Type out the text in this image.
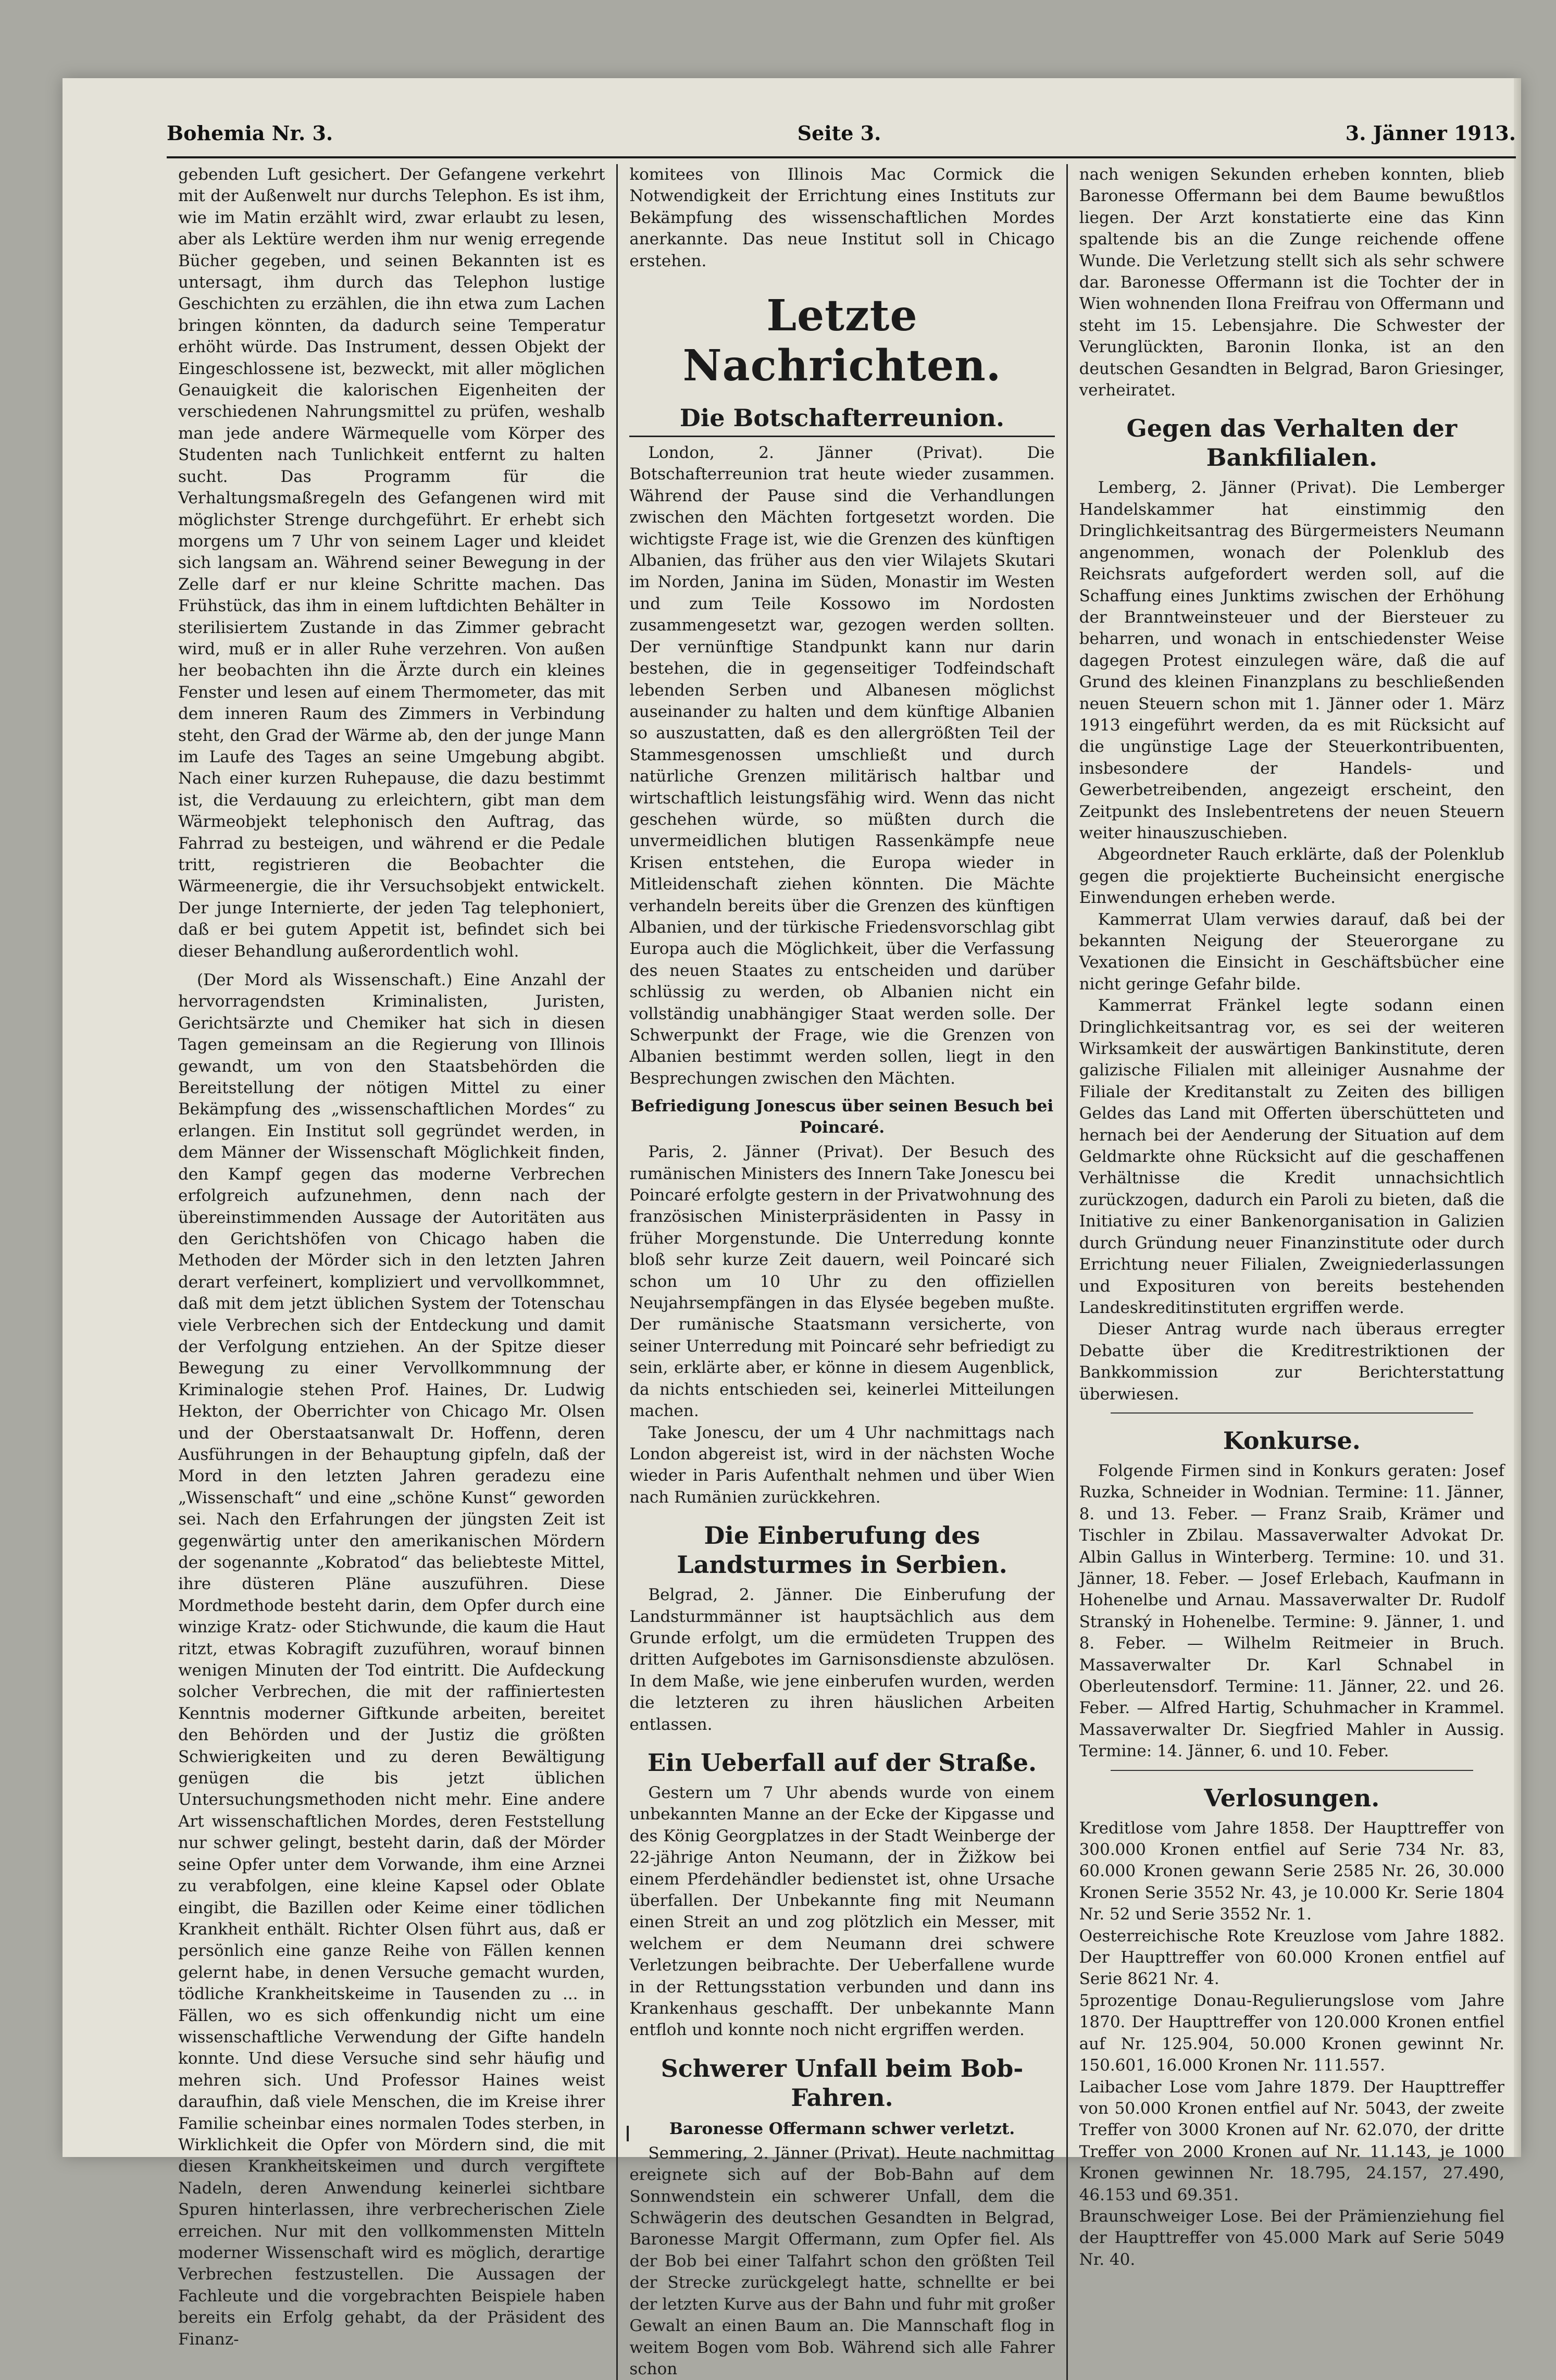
Bohemia Nr. 3.	Seite 3.	3. Jänner 1913.

gebenden Luft gesichert. Der Gefangene verkehrt mit der Außenwelt nur durchs Telephon. Es ist ihm, wie im Matin erzählt wird, zwar erlaubt zu lesen, aber als Lektüre werden ihm nur wenig erregende Bücher gegeben, und seinen Bekannten ist es untersagt, ihm durch das Telephon lustige Geschichten zu erzählen, die ihn etwa zum Lachen bringen könnten, da dadurch seine Temperatur erhöht würde. Das Instrument, dessen Objekt der Eingeschlossene ist, bezweckt, mit aller möglichen Genauigkeit die kalorischen Eigenheiten der verschiedenen Nahrungsmittel zu prüfen, weshalb man jede andere Wärmequelle vom Körper des Studenten nach Tunlichkeit entfernt zu halten sucht. Das Programm für die Verhaltungsmaßregeln des Gefangenen wird mit möglichster Strenge durchgeführt. Er erhebt sich morgens um 7 Uhr von seinem Lager und kleidet sich langsam an. Während seiner Bewegung in der Zelle darf er nur kleine Schritte machen. Das Frühstück, das ihm in einem luftdichten Behälter in sterilisiertem Zustande in das Zimmer gebracht wird, muß er in aller Ruhe verzehren. Von außen her beobachten ihn die Ärzte durch ein kleines Fenster und lesen auf einem Thermometer, das mit dem inneren Raum des Zimmers in Verbindung steht, den Grad der Wärme ab, den der junge Mann im Laufe des Tages an seine Umgebung abgibt. Nach einer kurzen Ruhepause, die dazu bestimmt ist, die Verdauung zu erleichtern, gibt man dem Wärmeobjekt telephonisch den Auftrag, das Fahrrad zu besteigen, und während er die Pedale tritt, registrieren die Beobachter die Wärmeenergie, die ihr Versuchsobjekt entwickelt. Der junge Internierte, der jeden Tag telephoniert, daß er bei gutem Appetit ist, befindet sich bei dieser Behandlung außerordentlich wohl.

(Der Mord als Wissenschaft.) Eine Anzahl der hervorragendsten Kriminalisten, Juristen, Gerichtsärzte und Chemiker hat sich in diesen Tagen gemeinsam an die Regierung von Illinois gewandt, um von den Staatsbehörden die Bereitstellung der nötigen Mittel zu einer Bekämpfung des „wissenschaftlichen Mordes“ zu erlangen. Ein Institut soll gegründet werden, in dem Männer der Wissenschaft Möglichkeit finden, den Kampf gegen das moderne Verbrechen erfolgreich aufzunehmen, denn nach der übereinstimmenden Aussage der Autoritäten aus den Gerichtshöfen von Chicago haben die Methoden der Mörder sich in den letzten Jahren derart verfeinert, kompliziert und vervollkommnet, daß mit dem jetzt üblichen System der Totenschau viele Verbrechen sich der Entdeckung und damit der Verfolgung entziehen. An der Spitze dieser Bewegung zu einer Vervollkommnung der Kriminalogie stehen Prof. Haines, Dr. Ludwig Hekton, der Oberrichter von Chicago Mr. Olsen und der Oberstaatsanwalt Dr. Hoffenn, deren Ausführungen in der Behauptung gipfeln, daß der Mord in den letzten Jahren geradezu eine „Wissenschaft“ und eine „schöne Kunst“ geworden sei. Nach den Erfahrungen der jüngsten Zeit ist gegenwärtig unter den amerikanischen Mördern der sogenannte „Kobratod“ das beliebteste Mittel, ihre düsteren Pläne auszuführen. Diese Mordmethode besteht darin, dem Opfer durch eine winzige Kratz- oder Stichwunde, die kaum die Haut ritzt, etwas Kobragift zuzuführen, worauf binnen wenigen Minuten der Tod eintritt. Die Aufdeckung solcher Verbrechen, die mit der raffiniertesten Kenntnis moderner Giftkunde arbeiten, bereitet den Behörden und der Justiz die größten Schwierigkeiten und zu deren Bewältigung genügen die bis jetzt üblichen Untersuchungsmethoden nicht mehr. Eine andere Art wissenschaftlichen Mordes, deren Feststellung nur schwer gelingt, besteht darin, daß der Mörder seine Opfer unter dem Vorwande, ihm eine Arznei zu verabfolgen, eine kleine Kapsel oder Oblate eingibt, die Bazillen oder Keime einer tödlichen Krankheit enthält. Richter Olsen führt aus, daß er persönlich eine ganze Reihe von Fällen kennen gelernt habe, in denen Versuche gemacht wurden, tödliche Krankheitskeime in Tausenden zu ... in Fällen, wo es sich offenkundig nicht um eine wissenschaftliche Verwendung der Gifte handeln konnte. Und diese Versuche sind sehr häufig und mehren sich. Und Professor Haines weist daraufhin, daß viele Menschen, die im Kreise ihrer Familie scheinbar eines normalen Todes sterben, in Wirklichkeit die Opfer von Mördern sind, die mit diesen Krankheitskeimen und durch vergiftete Nadeln, deren Anwendung keinerlei sichtbare Spuren hinterlassen, ihre verbrecherischen Ziele erreichen. Nur mit den vollkommensten Mitteln moderner Wissenschaft wird es möglich, derartige Verbrechen festzustellen. Die Aussagen der Fachleute und die vorgebrachten Beispiele haben bereits ein Erfolg gehabt, da der Präsident des Finanz-

komitees von Illinois Mac Cormick die Notwendigkeit der Errichtung eines Instituts zur Bekämpfung des wissenschaftlichen Mordes anerkannte. Das neue Institut soll in Chicago erstehen.

Letzte Nachrichten.
Die Botschafterreunion.

London, 2. Jänner (Privat). Die Botschafterreunion trat heute wieder zusammen. Während der Pause sind die Verhandlungen zwischen den Mächten fortgesetzt worden. Die wichtigste Frage ist, wie die Grenzen des künftigen Albanien, das früher aus den vier Wilajets Skutari im Norden, Janina im Süden, Monastir im Westen und zum Teile Kossowo im Nordosten zusammengesetzt war, gezogen werden sollten. Der vernünftige Standpunkt kann nur darin bestehen, die in gegenseitiger Todfeindschaft lebenden Serben und Albanesen möglichst auseinander zu halten und dem künftige Albanien so auszustatten, daß es den allergrößten Teil der Stammesgenossen umschließt und durch natürliche Grenzen militärisch haltbar und wirtschaftlich leistungsfähig wird. Wenn das nicht geschehen würde, so müßten durch die unvermeidlichen blutigen Rassenkämpfe neue Krisen entstehen, die Europa wieder in Mitleidenschaft ziehen könnten. Die Mächte verhandeln bereits über die Grenzen des künftigen Albanien, und der türkische Friedensvorschlag gibt Europa auch die Möglichkeit, über die Verfassung des neuen Staates zu entscheiden und darüber schlüssig zu werden, ob Albanien nicht ein vollständig unabhängiger Staat werden solle. Der Schwerpunkt der Frage, wie die Grenzen von Albanien bestimmt werden sollen, liegt in den Besprechungen zwischen den Mächten.

Befriedigung Jonescus über seinen Besuch bei Poincaré.

Paris, 2. Jänner (Privat). Der Besuch des rumänischen Ministers des Innern Take Jonescu bei Poincaré erfolgte gestern in der Privatwohnung des französischen Ministerpräsidenten in Passy in früher Morgenstunde. Die Unterredung konnte bloß sehr kurze Zeit dauern, weil Poincaré sich schon um 10 Uhr zu den offiziellen Neujahrsempfängen in das Elysée begeben mußte. Der rumänische Staatsmann versicherte, von seiner Unterredung mit Poincaré sehr befriedigt zu sein, erklärte aber, er könne in diesem Augenblick, da nichts entschieden sei, keinerlei Mitteilungen machen.

Take Jonescu, der um 4 Uhr nachmittags nach London abgereist ist, wird in der nächsten Woche wieder in Paris Aufenthalt nehmen und über Wien nach Rumänien zurückkehren.

Die Einberufung des Landsturmes in Serbien.

Belgrad, 2. Jänner. Die Einberufung der Landsturmmänner ist hauptsächlich aus dem Grunde erfolgt, um die ermüdeten Truppen des dritten Aufgebotes im Garnisonsdienste abzulösen. In dem Maße, wie jene einberufen wurden, werden die letzteren zu ihren häuslichen Arbeiten entlassen.

Ein Ueberfall auf der Straße.

Gestern um 7 Uhr abends wurde von einem unbekannten Manne an der Ecke der Kipgasse und des König Georgplatzes in der Stadt Weinberge der 22-jährige Anton Neumann, der in Žižkow bei einem Pferdehändler bedienstet ist, ohne Ursache überfallen. Der Unbekannte fing mit Neumann einen Streit an und zog plötzlich ein Messer, mit welchem er dem Neumann drei schwere Verletzungen beibrachte. Der Ueberfallene wurde in der Rettungsstation verbunden und dann ins Krankenhaus geschafft. Der unbekannte Mann entfloh und konnte noch nicht ergriffen werden.

Schwerer Unfall beim Bob-Fahren.
Baronesse Offermann schwer verletzt.

Semmering, 2. Jänner (Privat). Heute nachmittag ereignete sich auf der Bob-Bahn auf dem Sonnwendstein ein schwerer Unfall, dem die Schwägerin des deutschen Gesandten in Belgrad, Baronesse Margit Offermann, zum Opfer fiel. Als der Bob bei einer Talfahrt schon den größten Teil der Strecke zurückgelegt hatte, schnellte er bei der letzten Kurve aus der Bahn und fuhr mit großer Gewalt an einen Baum an. Die Mannschaft flog in weitem Bogen vom Bob. Während sich alle Fahrer schon

nach wenigen Sekunden erheben konnten, blieb Baronesse Offermann bei dem Baume bewußtlos liegen. Der Arzt konstatierte eine das Kinn spaltende bis an die Zunge reichende offene Wunde. Die Verletzung stellt sich als sehr schwere dar. Baronesse Offermann ist die Tochter der in Wien wohnenden Ilona Freifrau von Offermann und steht im 15. Lebensjahre. Die Schwester der Verunglückten, Baronin Ilonka, ist an den deutschen Gesandten in Belgrad, Baron Griesinger, verheiratet.

Gegen das Verhalten der Bankfilialen.

Lemberg, 2. Jänner (Privat). Die Lemberger Handelskammer hat einstimmig den Dringlichkeitsantrag des Bürgermeisters Neumann angenommen, wonach der Polenklub des Reichsrats aufgefordert werden soll, auf die Schaffung eines Junktims zwischen der Erhöhung der Branntweinsteuer und der Biersteuer zu beharren, und wonach in entschiedenster Weise dagegen Protest einzulegen wäre, daß die auf Grund des kleinen Finanzplans zu beschließenden neuen Steuern schon mit 1. Jänner oder 1. März 1913 eingeführt werden, da es mit Rücksicht auf die ungünstige Lage der Steuerkontribuenten, insbesondere der Handels- und Gewerbetreibenden, angezeigt erscheint, den Zeitpunkt des Inslebentretens der neuen Steuern weiter hinauszuschieben.

Abgeordneter Rauch erklärte, daß der Polenklub gegen die projektierte Bucheinsicht energische Einwendungen erheben werde.

Kammerrat Ulam verwies darauf, daß bei der bekannten Neigung der Steuerorgane zu Vexationen die Einsicht in Geschäftsbücher eine nicht geringe Gefahr bilde.

Kammerrat Fränkel legte sodann einen Dringlichkeitsantrag vor, es sei der weiteren Wirksamkeit der auswärtigen Bankinstitute, deren galizische Filialen mit alleiniger Ausnahme der Filiale der Kreditanstalt zu Zeiten des billigen Geldes das Land mit Offerten überschütteten und hernach bei der Aenderung der Situation auf dem Geldmarkte ohne Rücksicht auf die geschaffenen Verhältnisse die Kredit unnachsichtlich zurückzogen, dadurch ein Paroli zu bieten, daß die Initiative zu einer Bankenorganisation in Galizien durch Gründung neuer Finanzinstitute oder durch Errichtung neuer Filialen, Zweigniederlassungen und Exposituren von bereits bestehenden Landeskreditinstituten ergriffen werde.

Dieser Antrag wurde nach überaus erregter Debatte über die Kreditrestriktionen der Bankkommission zur Berichterstattung überwiesen.

Konkurse.

Folgende Firmen sind in Konkurs geraten: Josef Ruzka, Schneider in Wodnian. Termine: 11. Jänner, 8. und 13. Feber. — Franz Sraib, Krämer und Tischler in Zbilau. Massaverwalter Advokat Dr. Albin Gallus in Winterberg. Termine: 10. und 31. Jänner, 18. Feber. — Josef Erlebach, Kaufmann in Hohenelbe und Arnau. Massaverwalter Dr. Rudolf Stranský in Hohenelbe. Termine: 9. Jänner, 1. und 8. Feber. — Wilhelm Reitmeier in Bruch. Massaverwalter Dr. Karl Schnabel in Oberleutensdorf. Termine: 11. Jänner, 22. und 26. Feber. — Alfred Hartig, Schuhmacher in Krammel. Massaverwalter Dr. Siegfried Mahler in Aussig. Termine: 14. Jänner, 6. und 10. Feber.

Verlosungen.

Kreditlose vom Jahre 1858. Der Haupttreffer von 300.000 Kronen entfiel auf Serie 734 Nr. 83, 60.000 Kronen gewann Serie 2585 Nr. 26, 30.000 Kronen Serie 3552 Nr. 43, je 10.000 Kr. Serie 1804 Nr. 52 und Serie 3552 Nr. 1.

Oesterreichische Rote Kreuzlose vom Jahre 1882. Der Haupttreffer von 60.000 Kronen entfiel auf Serie 8621 Nr. 4.

5prozentige Donau-Regulierungslose vom Jahre 1870. Der Haupttreffer von 120.000 Kronen entfiel auf Nr. 125.904, 50.000 Kronen gewinnt Nr. 150.601, 16.000 Kronen Nr. 111.557.

Laibacher Lose vom Jahre 1879. Der Haupttreffer von 50.000 Kronen entfiel auf Nr. 5043, der zweite Treffer von 3000 Kronen auf Nr. 62.070, der dritte Treffer von 2000 Kronen auf Nr. 11.143, je 1000 Kronen gewinnen Nr. 18.795, 24.157, 27.490, 46.153 und 69.351.

Braunschweiger Lose. Bei der Prämienziehung fiel der Haupttreffer von 45.000 Mark auf Serie 5049 Nr. 40.
